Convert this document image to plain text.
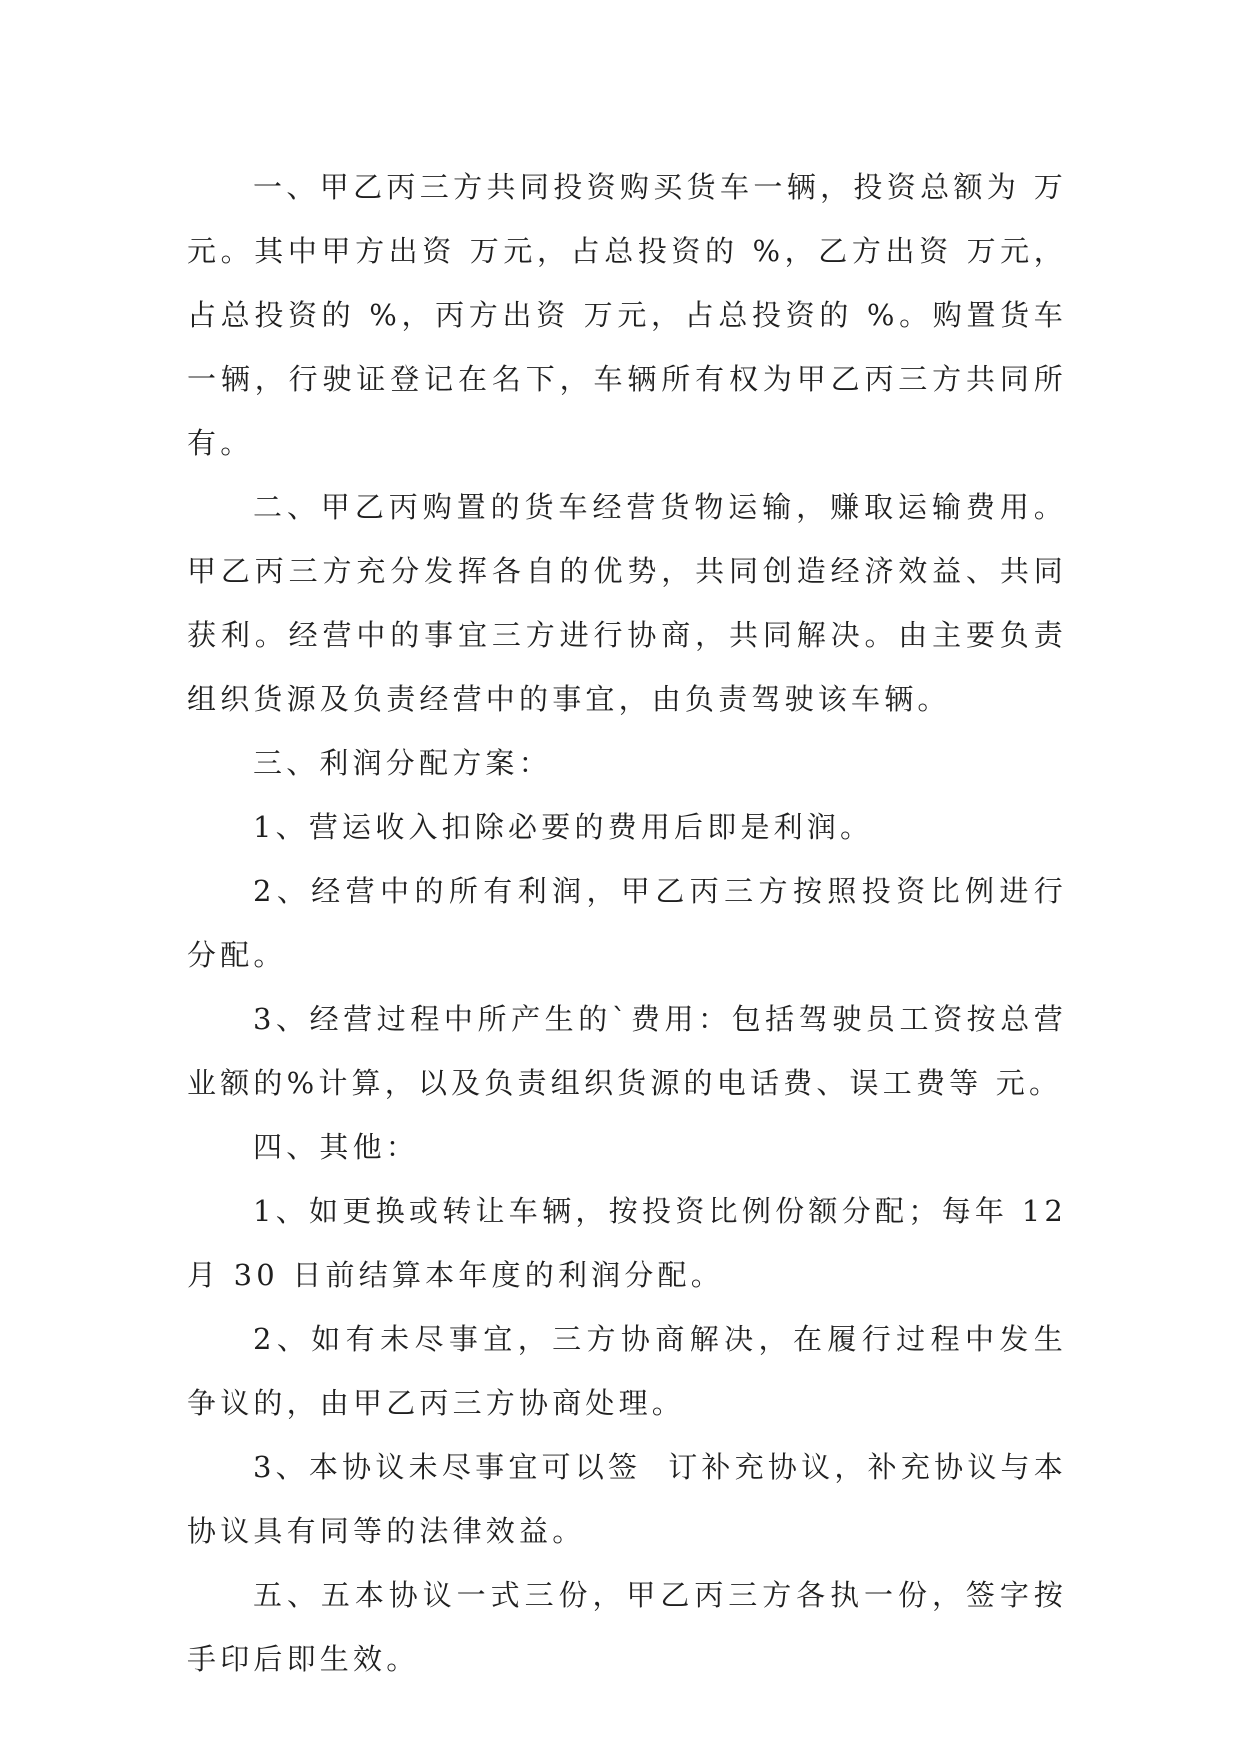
一、甲乙丙三方共同投资购买货车一辆，投资总额为 万元。其中甲方出资 万元，占总投资的 %，乙方出资 万元，占总投资的 %，丙方出资 万元，占总投资的 %。购置货车一辆，行驶证登记在名下，车辆所有权为甲乙丙三方共同所有。

二、甲乙丙购置的货车经营货物运输，赚取运输费用。甲乙丙三方充分发挥各自的优势，共同创造经济效益、共同获利。经营中的事宜三方进行协商，共同解决。由主要负责组织货源及负责经营中的事宜，由负责驾驶该车辆。

三、利润分配方案：

1、营运收入扣除必要的费用后即是利润。

2、经营中的所有利润，甲乙丙三方按照投资比例进行分配。

3、经营过程中所产生的`费用：包括驾驶员工资按总营业额的%计算，以及负责组织货源的电话费、误工费等 元。

四、其他：

1、如更换或转让车辆，按投资比例份额分配；每年 12 月 30 日前结算本年度的利润分配。

2、如有未尽事宜，三方协商解决，在履行过程中发生争议的，由甲乙丙三方协商处理。

3、本协议未尽事宜可以签  订补充协议，补充协议与本协议具有同等的法律效益。

五、五本协议一式三份，甲乙丙三方各执一份，签字按手印后即生效。
